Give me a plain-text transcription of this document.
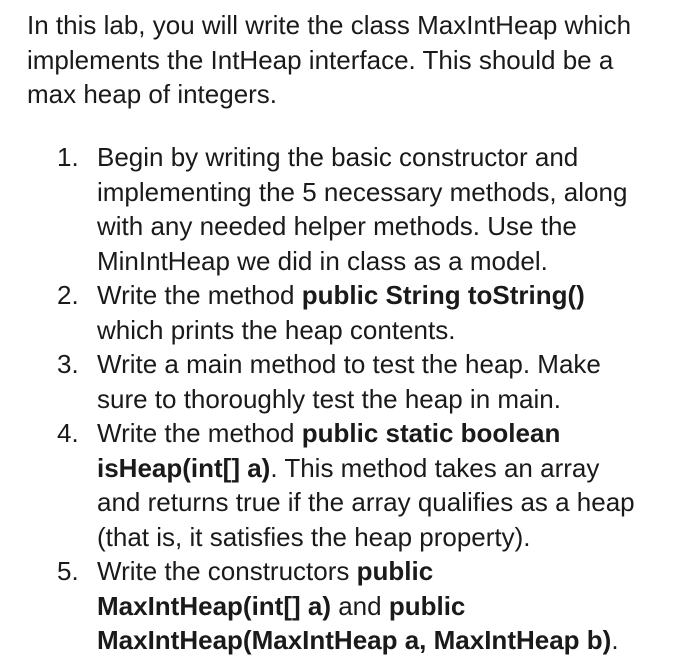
In this lab, you will write the class MaxIntHeap which
implements the IntHeap interface. This should be a
max heap of integers.

1. Begin by writing the basic constructor and
implementing the 5 necessary methods, along
with any needed helper methods. Use the
MinIntHeap we did in class as a model.
2. Write the method public String toString()
which prints the heap contents.
3. Write a main method to test the heap. Make
sure to thoroughly test the heap in main.
4. Write the method public static boolean
isHeap(int[] a). This method takes an array
and returns true if the array qualifies as a heap
(that is, it satisfies the heap property).
5. Write the constructors public
MaxIntHeap(int[] a) and public
MaxIntHeap(MaxIntHeap a, MaxIntHeap b).
